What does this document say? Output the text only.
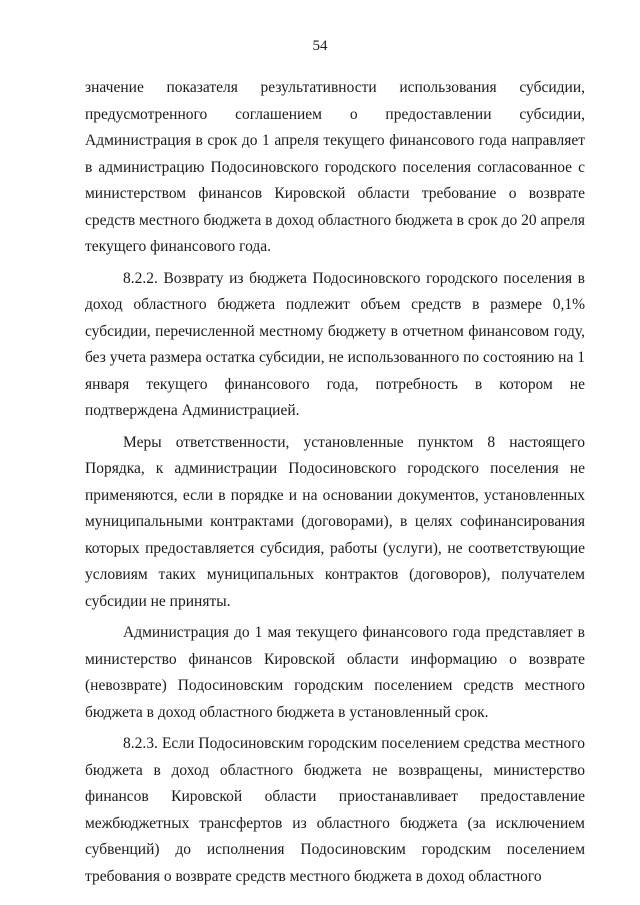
54

значение показателя результативности использования субсидии, предусмотренного соглашением о предоставлении субсидии, Администрация в срок до 1 апреля текущего финансового года направляет в администрацию Подосиновского городского поселения согласованное с министерством финансов Кировской области требование о возврате средств местного бюджета в доход областного бюджета в срок до 20 апреля текущего финансового года.

8.2.2. Возврату из бюджета Подосиновского городского поселения в доход областного бюджета подлежит объем средств в размере 0,1% субсидии, перечисленной местному бюджету в отчетном финансовом году, без учета размера остатка субсидии, не использованного по состоянию на 1 января текущего финансового года, потребность в котором не подтверждена Администрацией.

Меры ответственности, установленные пунктом 8 настоящего Порядка, к администрации Подосиновского городского поселения не применяются, если в порядке и на основании документов, установленных муниципальными контрактами (договорами), в целях софинансирования которых предоставляется субсидия, работы (услуги), не соответствующие условиям таких муниципальных контрактов (договоров), получателем субсидии не приняты.

Администрация до 1 мая текущего финансового года представляет в министерство финансов Кировской области информацию о возврате (невозврате) Подосиновским городским поселением средств местного бюджета в доход областного бюджета в установленный срок.

8.2.3. Если Подосиновским городским поселением средства местного бюджета в доход областного бюджета не возвращены, министерство финансов Кировской области приостанавливает предоставление межбюджетных трансфертов из областного бюджета (за исключением субвенций) до исполнения Подосиновским городским поселением требования о возврате средств местного бюджета в доход областного
